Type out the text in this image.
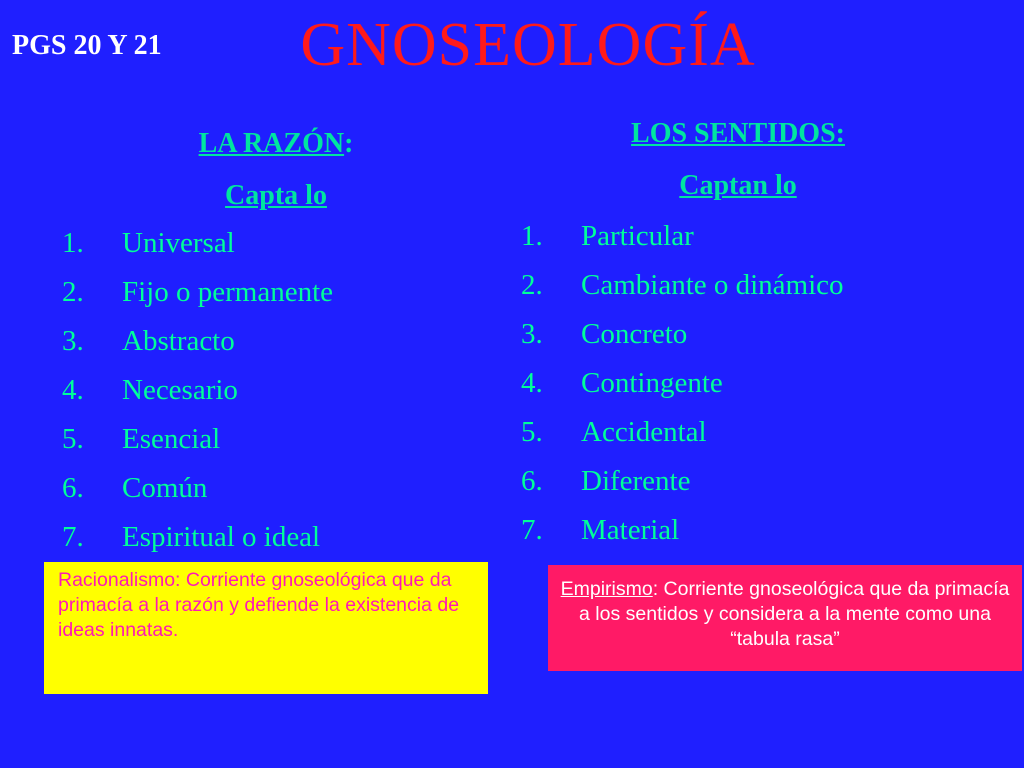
PGS 20 Y 21	GNOSEOLOGÍA
LA RAZÓN:
Capta lo
1.	Universal
2.	Fijo o permanente
3.	Abstracto
4.	Necesario
5.	Esencial
6.	Común
7.	Espiritual o ideal
LOS SENTIDOS:
Captan lo
1.	Particular
2.	Cambiante o dinámico
3.	Concreto
4.	Contingente
5.	Accidental
6.	Diferente
7.	Material
Racionalismo: Corriente gnoseológica que da primacía a la razón y defiende la existencia de ideas innatas.
Empirismo: Corriente gnoseológica que da primacía a los sentidos y considera a la mente como una “tabula rasa”
